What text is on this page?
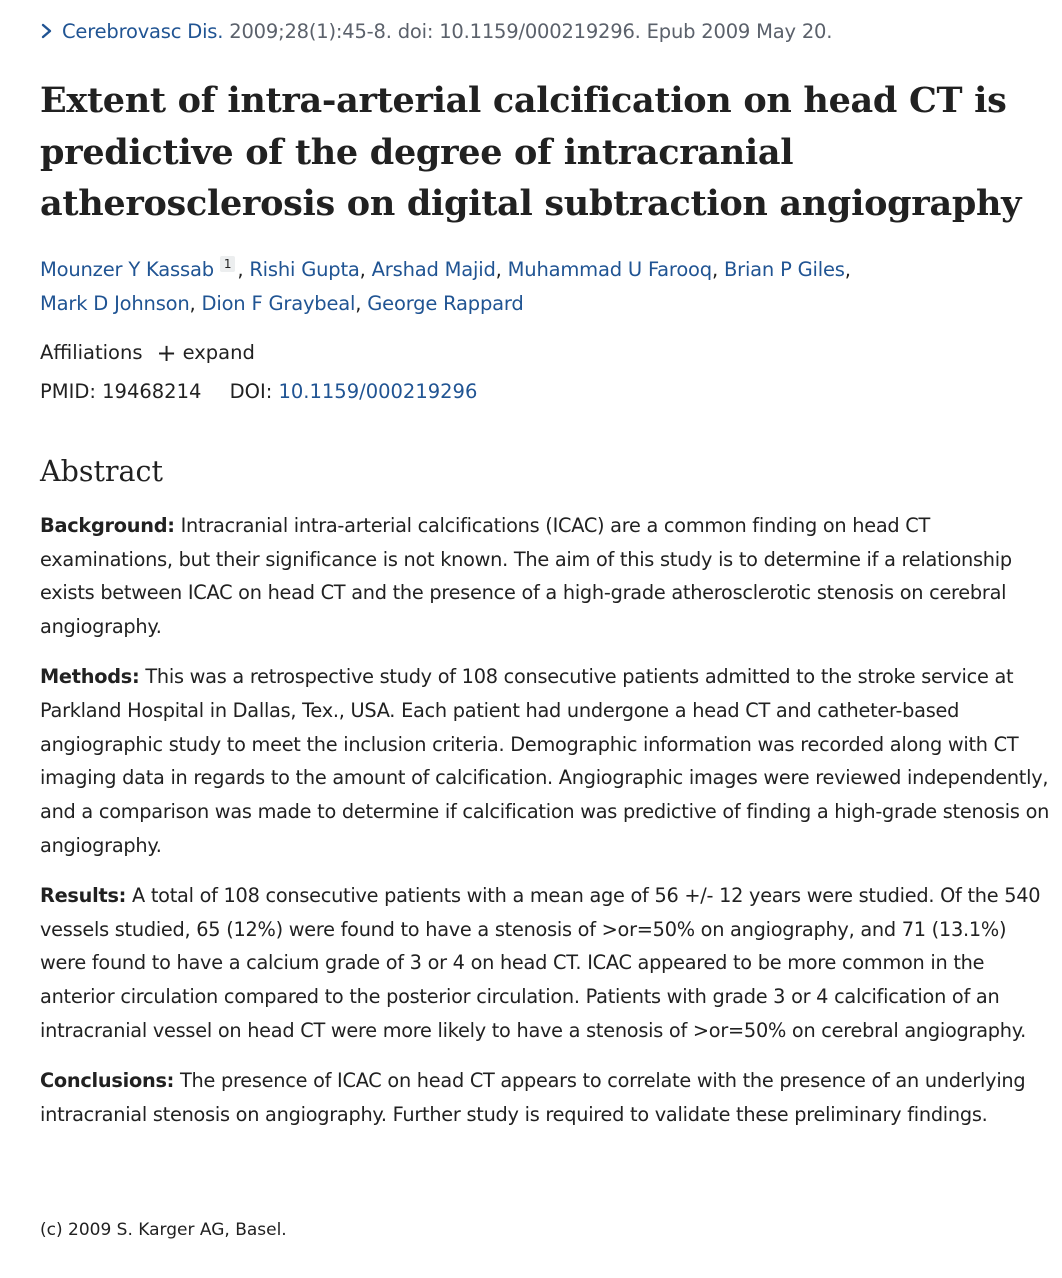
Cerebrovasc Dis. 2009;28(1):45-8. doi: 10.1159/000219296. Epub 2009 May 20.
Extent of intra-arterial calcification on head CT is predictive of the degree of intracranial atherosclerosis on digital subtraction angiography
Mounzer Y Kassab $^1$ , Rishi Gupta, Arshad Majid, Muhammad U Farooq, Brian P Giles,
Mark D Johnson, Dion F Graybeal, George Rappard
Affiliations + expand
PMID: 19468214 DOI: 10.1159/000219296
Abstract

Background: Intracranial intra-arterial calcifications (ICAC) are a common finding on head CT examinations, but their significance is not known. The aim of this study is to determine if a relationship exists between ICAC on head CT and the presence of a high-grade atherosclerotic stenosis on cerebral angiography.

Methods: This was a retrospective study of 108 consecutive patients admitted to the stroke service at Parkland Hospital in Dallas, Tex., USA. Each patient had undergone a head CT and catheter-based angiographic study to meet the inclusion criteria. Demographic information was recorded along with CT imaging data in regards to the amount of calcification. Angiographic images were reviewed independently, and a comparison was made to determine if calcification was predictive of finding a high-grade stenosis on angiography.

Results: A total of 108 consecutive patients with a mean age of 56 +/- 12 years were studied. Of the 540 vessels studied, 65 (12%) were found to have a stenosis of >or=50% on angiography, and 71 (13.1%) were found to have a calcium grade of 3 or 4 on head CT. ICAC appeared to be more common in the anterior circulation compared to the posterior circulation. Patients with grade 3 or 4 calcification of an intracranial vessel on head CT were more likely to have a stenosis of >or=50% on cerebral angiography.

Conclusions: The presence of ICAC on head CT appears to correlate with the presence of an underlying intracranial stenosis on angiography. Further study is required to validate these preliminary findings.

(c) 2009 S. Karger AG, Basel.
